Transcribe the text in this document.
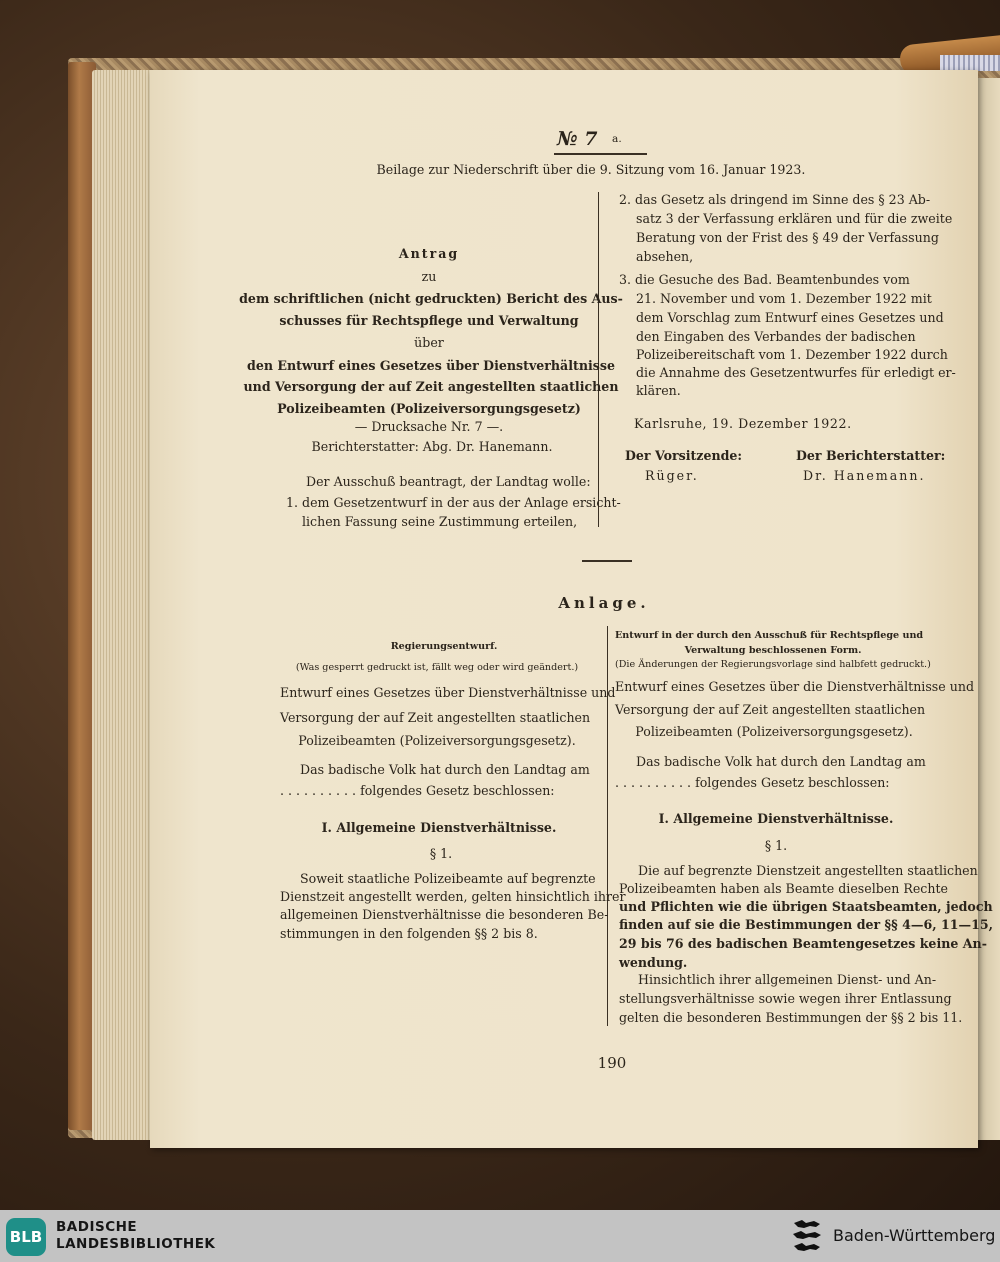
№ 7 a.
Beilage zur Niederschrift über die 9. Sitzung vom 16. Januar 1923.
Antrag
zu
dem schriftlichen (nicht gedruckten) Bericht des Aus-
schusses für Rechtspflege und Verwaltung
über
den Entwurf eines Gesetzes über Dienstverhältnisse
und Versorgung der auf Zeit angestellten staatlichen
Polizeibeamten (Polizeiversorgungsgesetz)
— Drucksache Nr. 7 —.
Berichterstatter: Abg. Dr. Hanemann.
Der Ausschuß beantragt, der Landtag wolle:
1. dem Gesetzentwurf in der aus der Anlage ersicht-
lichen Fassung seine Zustimmung erteilen,
2. das Gesetz als dringend im Sinne des § 23 Ab-
satz 3 der Verfassung erklären und für die zweite
Beratung von der Frist des § 49 der Verfassung
absehen,
3. die Gesuche des Bad. Beamtenbundes vom
21. November und vom 1. Dezember 1922 mit
dem Vorschlag zum Entwurf eines Gesetzes und
den Eingaben des Verbandes der badischen
Polizeibereitschaft vom 1. Dezember 1922 durch
die Annahme des Gesetzentwurfes für erledigt er-
klären.
Karlsruhe, 19. Dezember 1922.
Der Vorsitzende:
Rüger.
Der Berichterstatter:
Dr. Hanemann.
Anlage.
Regierungsentwurf.
(Was gesperrt gedruckt ist, fällt weg oder wird geändert.)
Entwurf eines Gesetzes über Dienstverhältnisse und
Versorgung der auf Zeit angestellten staatlichen
Polizeibeamten (Polizeiversorgungsgesetz).
Das badische Volk hat durch den Landtag am
. . . . . . . . . . folgendes Gesetz beschlossen:
I. Allgemeine Dienstverhältnisse.
§ 1.
Soweit staatliche Polizeibeamte auf begrenzte
Dienstzeit angestellt werden, gelten hinsichtlich ihrer
allgemeinen Dienstverhältnisse die besonderen Be-
stimmungen in den folgenden §§ 2 bis 8.
Entwurf in der durch den Ausschuß für Rechtspflege und
Verwaltung beschlossenen Form.
(Die Änderungen der Regierungsvorlage sind halbfett gedruckt.)
Entwurf eines Gesetzes über die Dienstverhältnisse und
Versorgung der auf Zeit angestellten staatlichen
Polizeibeamten (Polizeiversorgungsgesetz).
Das badische Volk hat durch den Landtag am
. . . . . . . . . . folgendes Gesetz beschlossen:
I. Allgemeine Dienstverhältnisse.
§ 1.
Die auf begrenzte Dienstzeit angestellten staatlichen
Polizeibeamten haben als Beamte dieselben Rechte
und Pflichten wie die übrigen Staatsbeamten, jedoch
finden auf sie die Bestimmungen der §§ 4—6, 11—15,
29 bis 76 des badischen Beamtengesetzes keine An-
wendung.
Hinsichtlich ihrer allgemeinen Dienst- und An-
stellungsverhältnisse sowie wegen ihrer Entlassung
gelten die besonderen Bestimmungen der §§ 2 bis 11.
190
BLB
BADISCHE
LANDESBIBLIOTHEK	Baden-Württemberg
